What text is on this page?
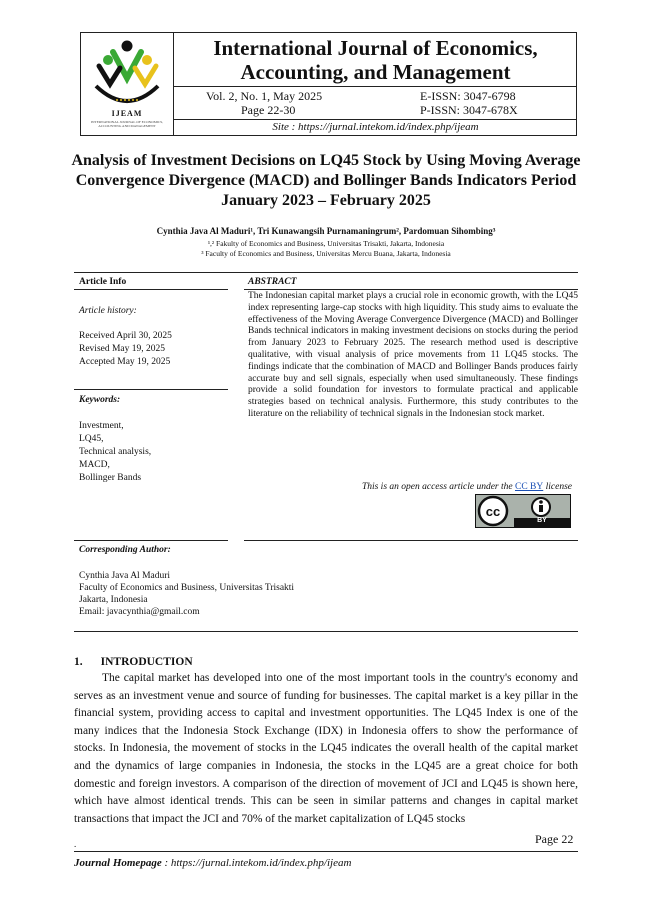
IJEAM
INTERNATIONAL JOURNAL OF ECONOMICS, ACCOUNTING AND MANAGEMENT
International Journal of Economics, Accounting, and Management
Vol. 2, No. 1, May 2025
Page 22-30
E-ISSN: 3047-6798
P-ISSN: 3047-678X
Site : https://jurnal.intekom.id/index.php/ijeam
Analysis of Investment Decisions on LQ45 Stock by Using Moving Average Convergence Divergence (MACD) and Bollinger Bands Indicators Period January 2023 – February 2025
Cynthia Java Al Maduri¹, Tri Kunawangsih Purnamaningrum², Pardomuan Sihombing³
¹,² Fakulty of Economics and Business, Universitas Trisakti, Jakarta, Indonesia
³ Faculty of Economics and Business, Universitas Mercu Buana, Jakarta, Indonesia
Article Info	ABSTRACT
Article history:
Received April 30, 2025
Revised May 19, 2025
Accepted May 19, 2025
Keywords:
Investment,
LQ45,
Technical analysis,
MACD,
Bollinger Bands
The Indonesian capital market plays a crucial role in economic growth, with the LQ45 index representing large-cap stocks with high liquidity. This study aims to evaluate the effectiveness of the Moving Average Convergence Divergence (MACD) and Bollinger Bands technical indicators in making investment decisions on stocks during the period from January 2023 to February 2025. The research method used is descriptive qualitative, with visual analysis of price movements from 11 LQ45 stocks. The findings indicate that the combination of MACD and Bollinger Bands produces fairly accurate buy and sell signals, especially when used simultaneously. These findings provide a solid foundation for investors to formulate practical and applicable strategies based on technical analysis. Furthermore, this study contributes to the literature on the reliability of technical signals in the Indonesian stock market.
This is an open access article under the CC BY license
cc
BY
Corresponding Author:
Cynthia Java Al Maduri
Faculty of Economics and Business, Universitas Trisakti
Jakarta, Indonesia
Email: javacynthia@gmail.com
1. INTRODUCTION
The capital market has developed into one of the most important tools in the country's economy and serves as an investment venue and source of funding for businesses. The capital market is a key pillar in the financial system, providing access to capital and investment opportunities. The LQ45 Index is one of the many indices that the Indonesia Stock Exchange (IDX) in Indonesia offers to show the performance of stocks. In Indonesia, the movement of stocks in the LQ45 indicates the overall health of the capital market and the dynamics of large companies in Indonesia, the stocks in the LQ45 are a great choice for both domestic and foreign investors. A comparison of the direction of movement of JCI and LQ45 is shown here, which have almost identical trends. This can be seen in similar patterns and changes in capital market transactions that impact the JCI and 70% of the market capitalization of LQ45 stocks
Page 22
.
Journal Homepage : https://jurnal.intekom.id/index.php/ijeam
